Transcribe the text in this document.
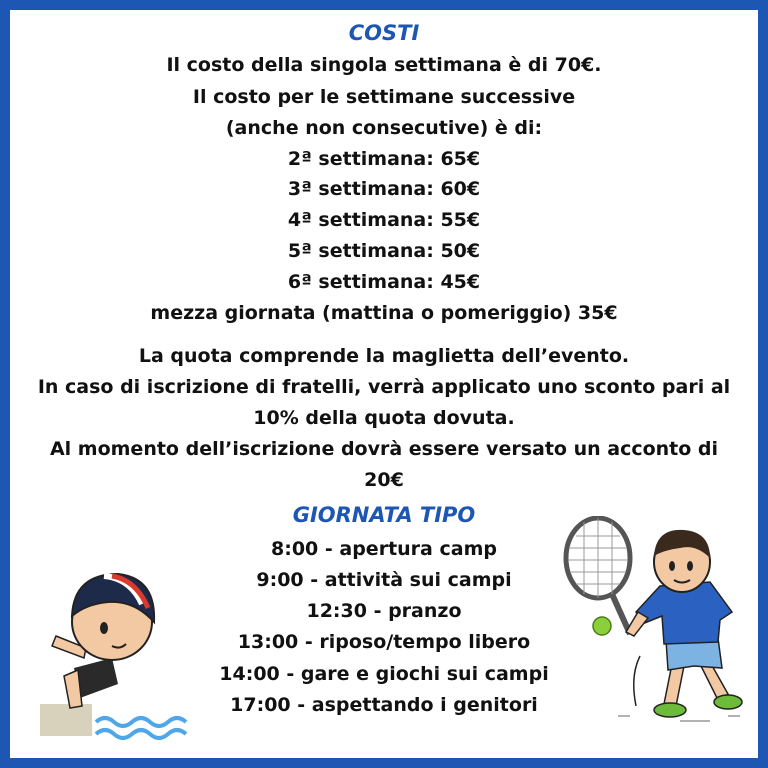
COSTI
Il costo della singola settimana è di 70€.
Il costo per le settimane successive
(anche non consecutive) è di:
2ª settimana: 65€
3ª settimana: 60€
4ª settimana: 55€
5ª settimana: 50€
6ª settimana: 45€
mezza giornata (mattina o pomeriggio) 35€
La quota comprende la maglietta dell’evento.
In caso di iscrizione di fratelli, verrà applicato uno sconto pari al
10% della quota dovuta.
Al momento dell’iscrizione dovrà essere versato un acconto di
20€
GIORNATA TIPO
8:00 - apertura camp
9:00 - attività sui campi
12:30 - pranzo
13:00 - riposo/tempo libero
14:00 - gare e giochi sui campi
17:00 - aspettando i genitori
